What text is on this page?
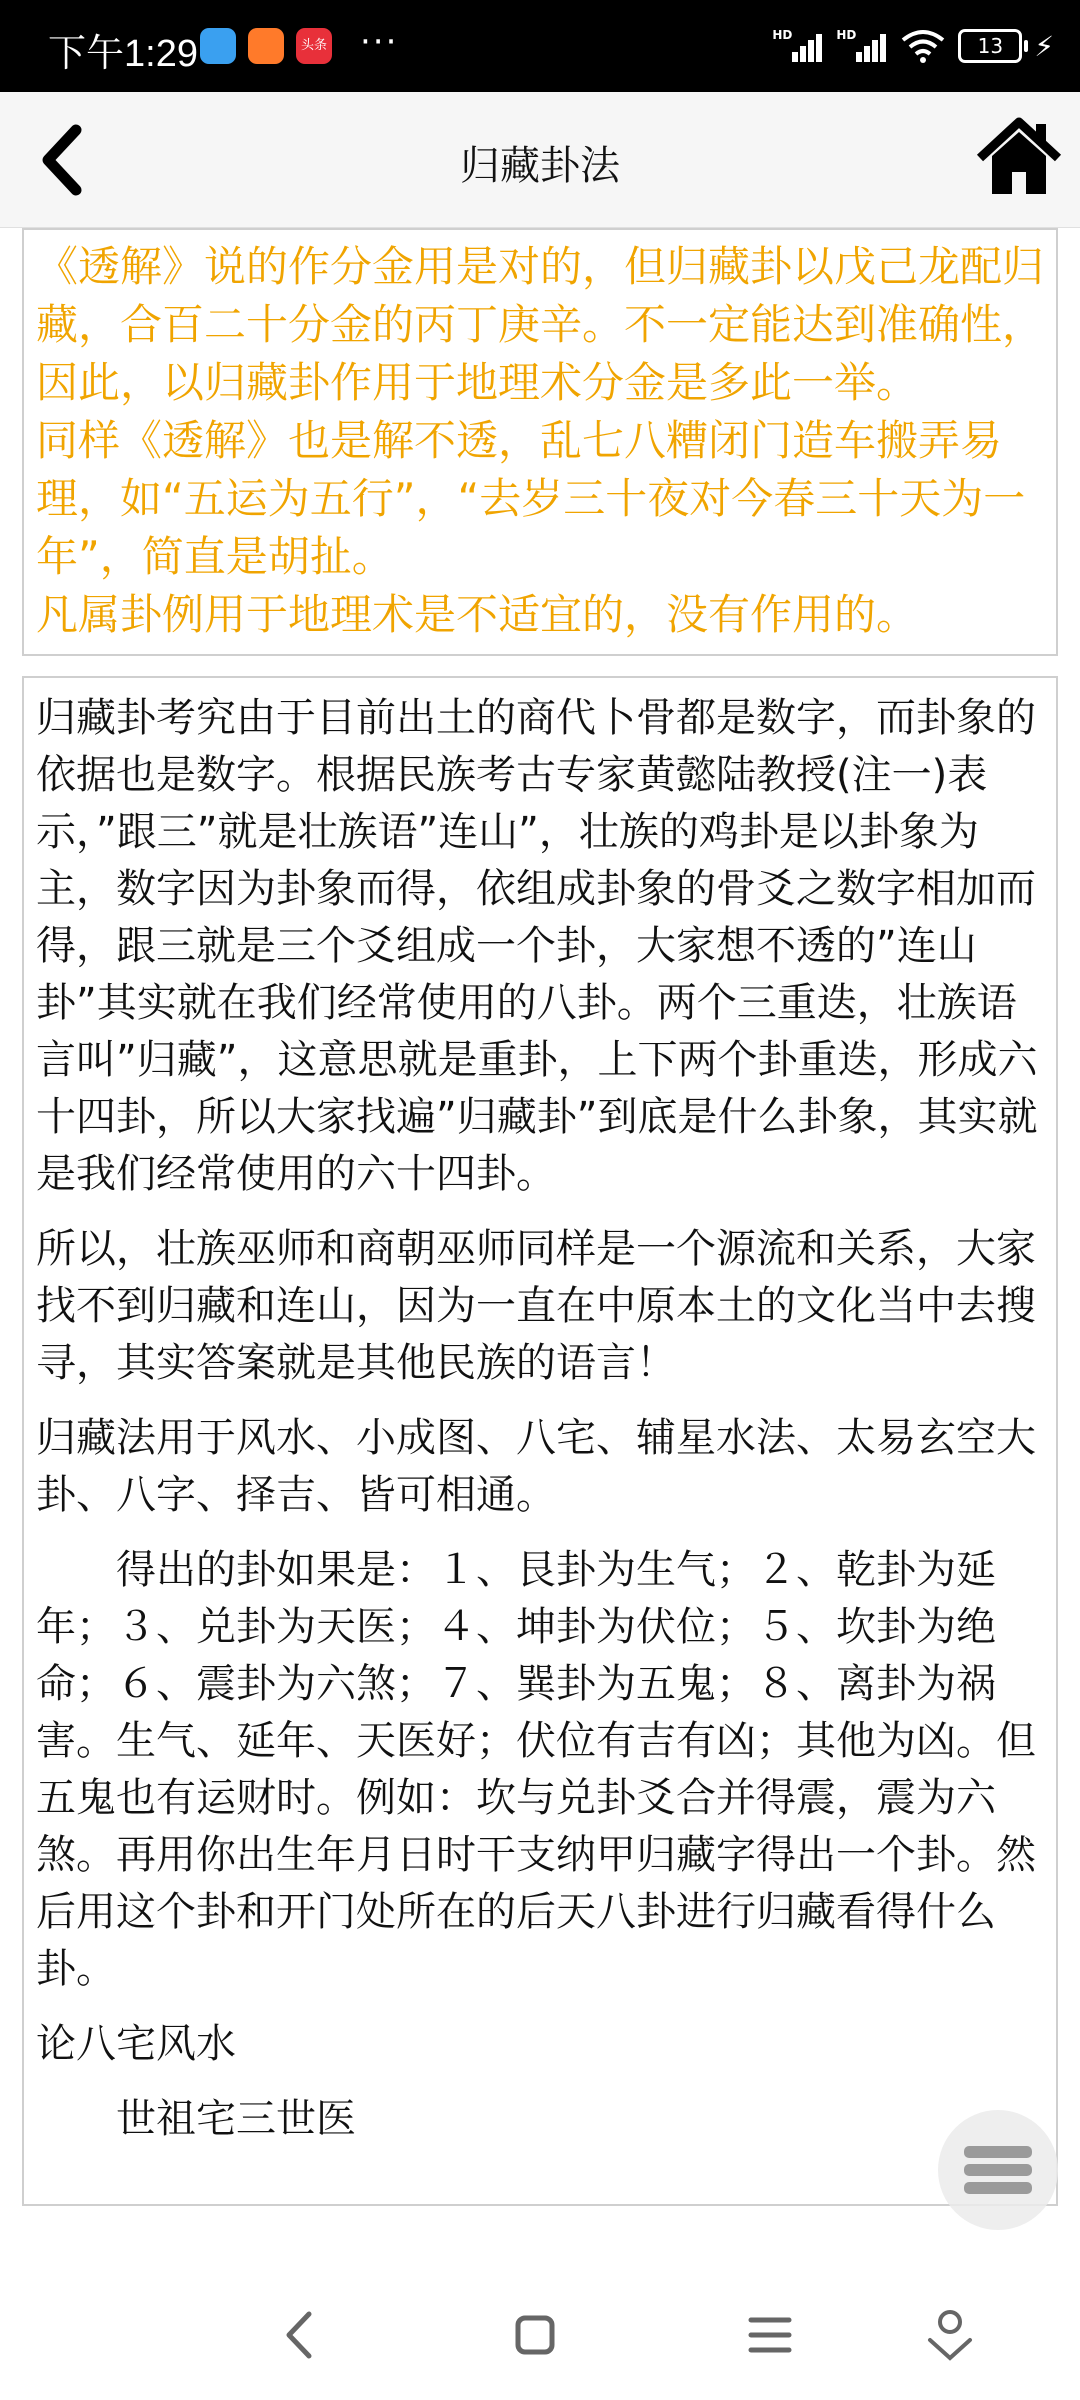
下午1:29	头条 ···	HD	HD	13	⚡
归藏卦法

《透解》说的作分金用是对的，但归藏卦以戊己龙配归藏，合百二十分金的丙丁庚辛。不一定能达到准确性，因此，以归藏卦作用于地理术分金是多此一举。

同样《透解》也是解不透，乱七八糟闭门造车搬弄易理，如“五运为五行”，“去岁三十夜对今春三十天为一年”，简直是胡扯。

凡属卦例用于地理术是不适宜的，没有作用的。

归藏卦考究由于目前出土的商代卜骨都是数字，而卦象的依据也是数字。根据民族考古专家黄懿陆教授(注一)表示，”跟三”就是壮族语”连山”，壮族的鸡卦是以卦象为主，数字因为卦象而得，依组成卦象的骨爻之数字相加而得，跟三就是三个爻组成一个卦，大家想不透的”连山卦”其实就在我们经常使用的八卦。两个三重迭，壮族语言叫”归藏”，这意思就是重卦，上下两个卦重迭，形成六十四卦，所以大家找遍”归藏卦”到底是什么卦象，其实就是我们经常使用的六十四卦。

所以，壮族巫师和商朝巫师同样是一个源流和关系，大家找不到归藏和连山，因为一直在中原本土的文化当中去搜寻，其实答案就是其他民族的语言！

归藏法用于风水、小成图、八宅、辅星水法、太易玄空大卦、八字、择吉、皆可相通。

得出的卦如果是：１、艮卦为生气；２、乾卦为延年；３、兑卦为天医；４、坤卦为伏位；５、坎卦为绝命；６、震卦为六煞；７、巽卦为五鬼；８、离卦为祸害。生气、延年、天医好；伏位有吉有凶；其他为凶。但五鬼也有运财时。例如：坎与兑卦爻合并得震，震为六煞。再用你出生年月日时干支纳甲归藏字得出一个卦。然后用这个卦和开门处所在的后天八卦进行归藏看得什么卦。

论八宅风水

世祖宅三世医
